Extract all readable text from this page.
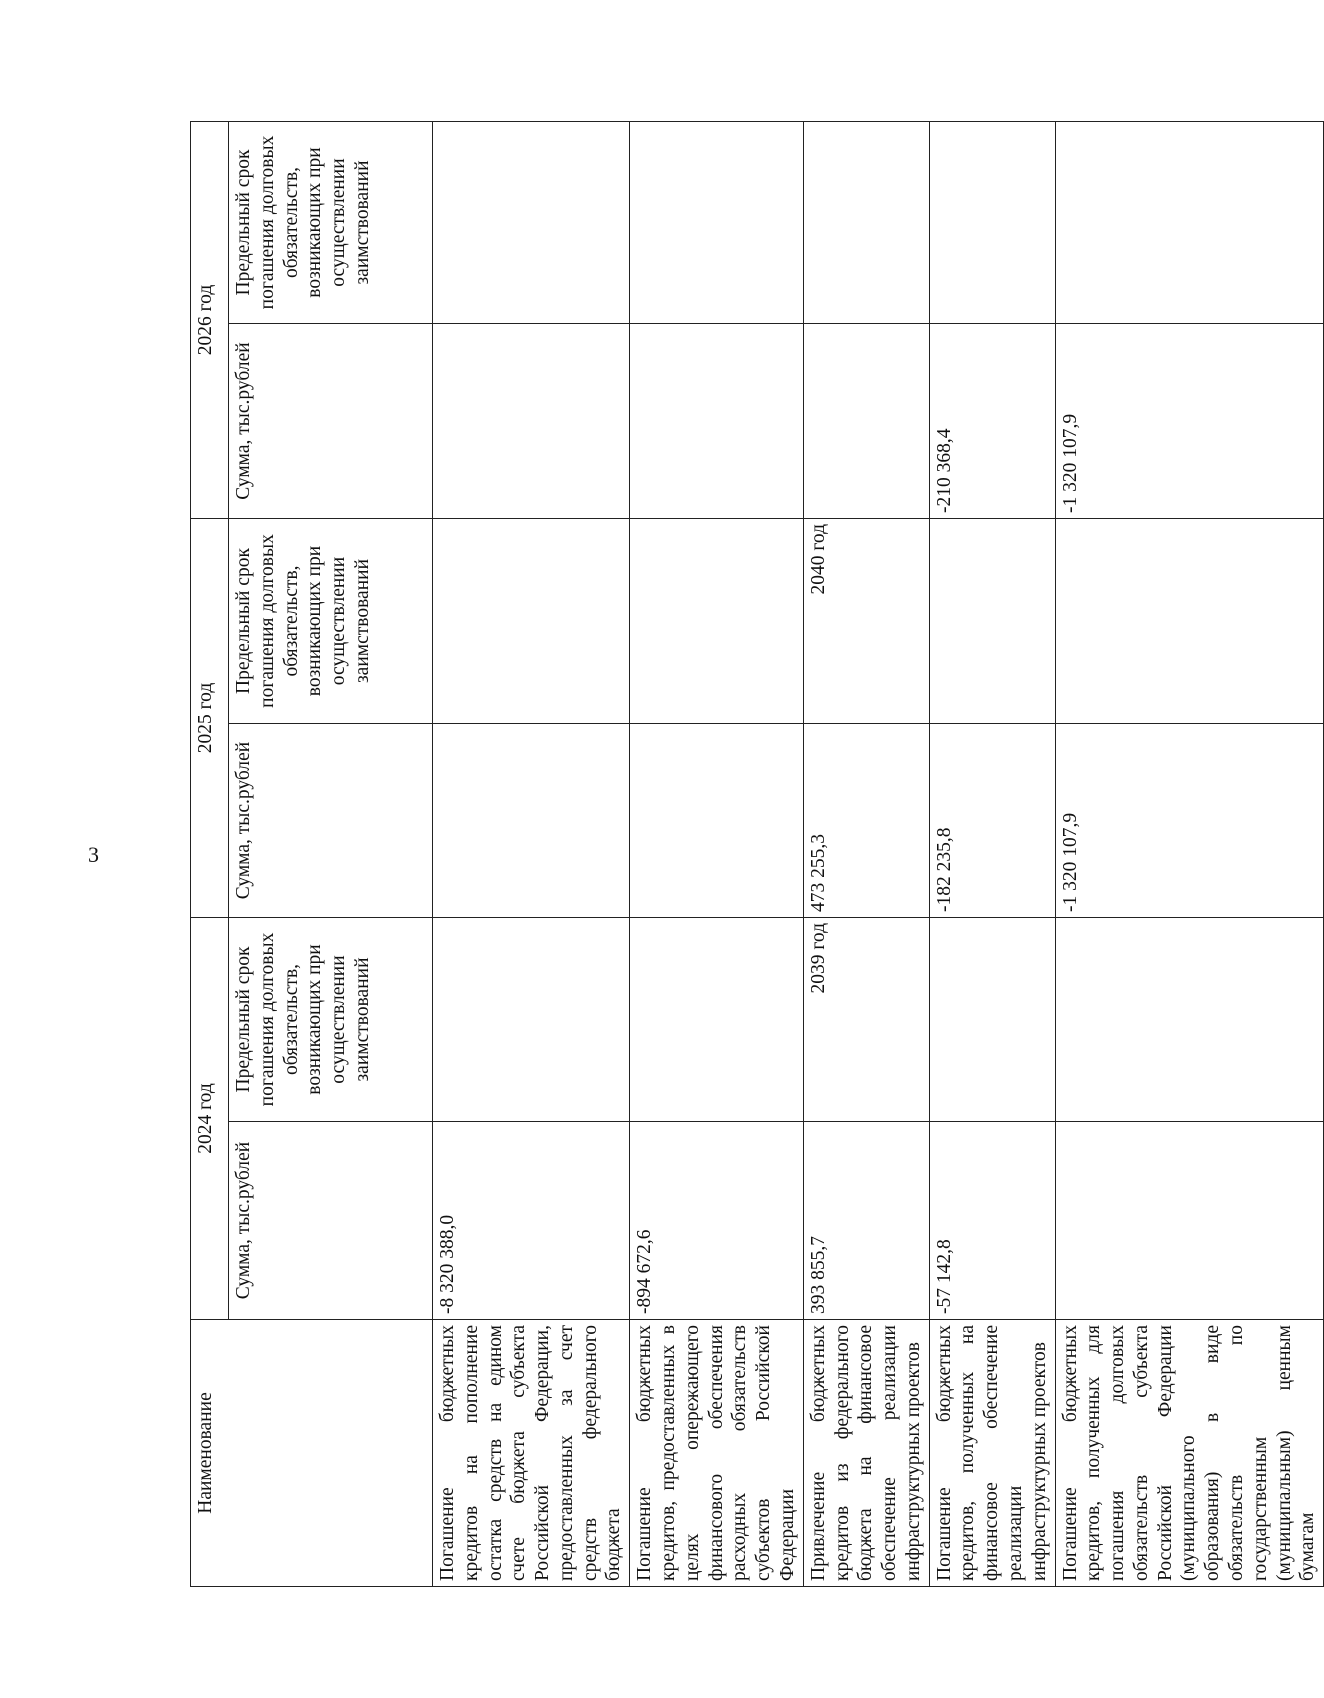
3
Наименование	2024 год		2025 год		2026 год	
	Сумма, тыс.рублей	Предельный срок погашения долговых обязательств, возникающих при осуществлении заимствований	Сумма, тыс.рублей	Предельный срок погашения долговых обязательств, возникающих при осуществлении заимствований	Сумма, тыс.рублей	Предельный срок погашения долговых обязательств, возникающих при осуществлении заимствований
Погашение бюджетных кредитов на пополнение остатка средств на едином счете бюджета субъекта Российской Федерации, предоставленных за счет средств федерального бюджета	-8 320 388,0					
Погашение бюджетных кредитов, предоставленных в целях опережающего финансового обеспечения расходных обязательств субъектов Российской Федерации	-894 672,6					
Привлечение бюджетных кредитов из федерального бюджета на финансовое обеспечение реализации инфраструктурных проектов	393 855,7	2039 год	473 255,3	2040 год		
Погашение бюджетных кредитов, полученных на финансовое обеспечение реализации инфраструктурных проектов	-57 142,8		-182 235,8		-210 368,4	
Погашение бюджетных кредитов, полученных для погашения долговых обязательств субъекта Российской Федерации (муниципального образования) в виде обязательств по государственным (муниципальным) ценным бумагам			-1 320 107,9		-1 320 107,9	
